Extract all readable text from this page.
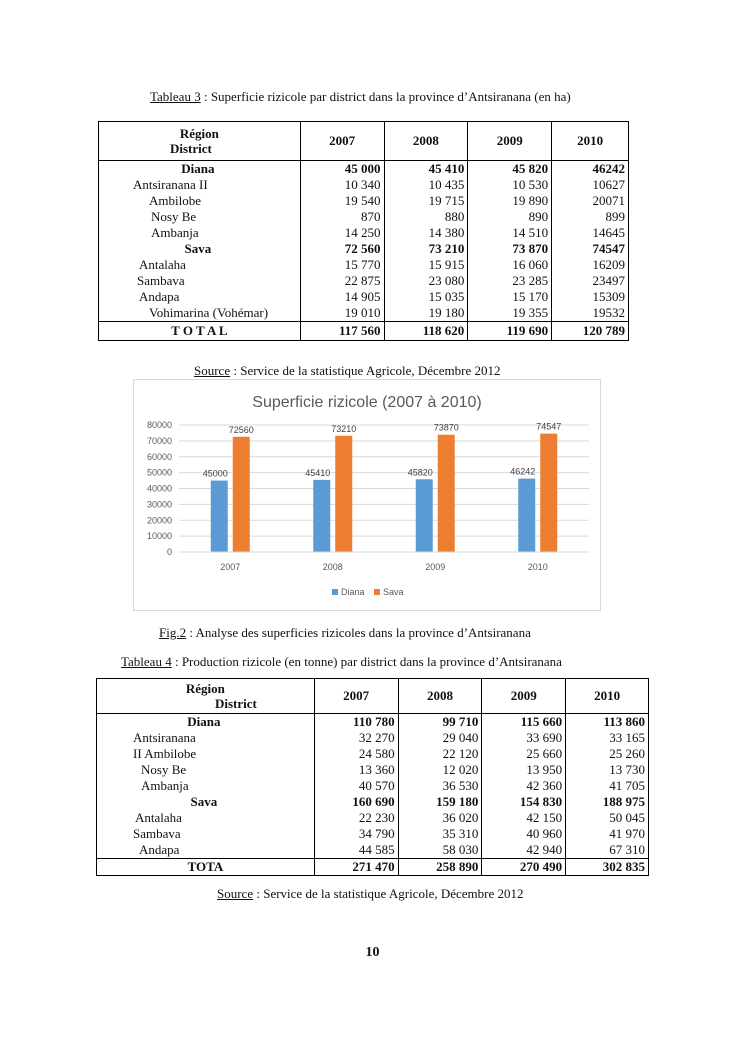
Tableau 3 : Superficie rizicole par district dans la province d’Antsiranana (en ha)
Région
District	2007	2008	2009	2010
Diana	45 000	45 410	45 820	46242
Antsiranana II	10 340	10 435	10 530	10627
Ambilobe	19 540	19 715	19 890	20071
Nosy Be	870	880	890	899
Ambanja	14 250	14 380	14 510	14645
Sava	72 560	73 210	73 870	74547
Antalaha	15 770	15 915	16 060	16209
Sambava	22 875	23 080	23 285	23497
Andapa	14 905	15 035	15 170	15309
Vohimarina (Vohémar)	19 010	19 180	19 355	19532
T O T A L	117 560	118 620	119 690	120 789
Source : Service de la statistique Agricole, Décembre 2012
Superficie rizicole (2007 à 2010)
0
10000
20000
30000
40000
50000
60000
70000
80000
45000
72560
45410
73210
45820
73870
46242
74547
2007	2008	2009	2010
Diana Sava
Fig.2 : Analyse des superficies rizicoles dans la province d’Antsiranana
Tableau 4 : Production rizicole (en tonne) par district dans la province d’Antsiranana
Région
District	2007	2008	2009	2010
Diana	110 780	99 710	115 660	113 860
Antsiranana	32 270	29 040	33 690	33 165
II Ambilobe	24 580	22 120	25 660	25 260
Nosy Be	13 360	12 020	13 950	13 730
Ambanja	40 570	36 530	42 360	41 705
Sava	160 690	159 180	154 830	188 975
Antalaha	22 230	36 020	42 150	50 045
Sambava	34 790	35 310	40 960	41 970
Andapa	44 585	58 030	42 940	67 310
TOTA	271 470	258 890	270 490	302 835
Source : Service de la statistique Agricole, Décembre 2012
10
